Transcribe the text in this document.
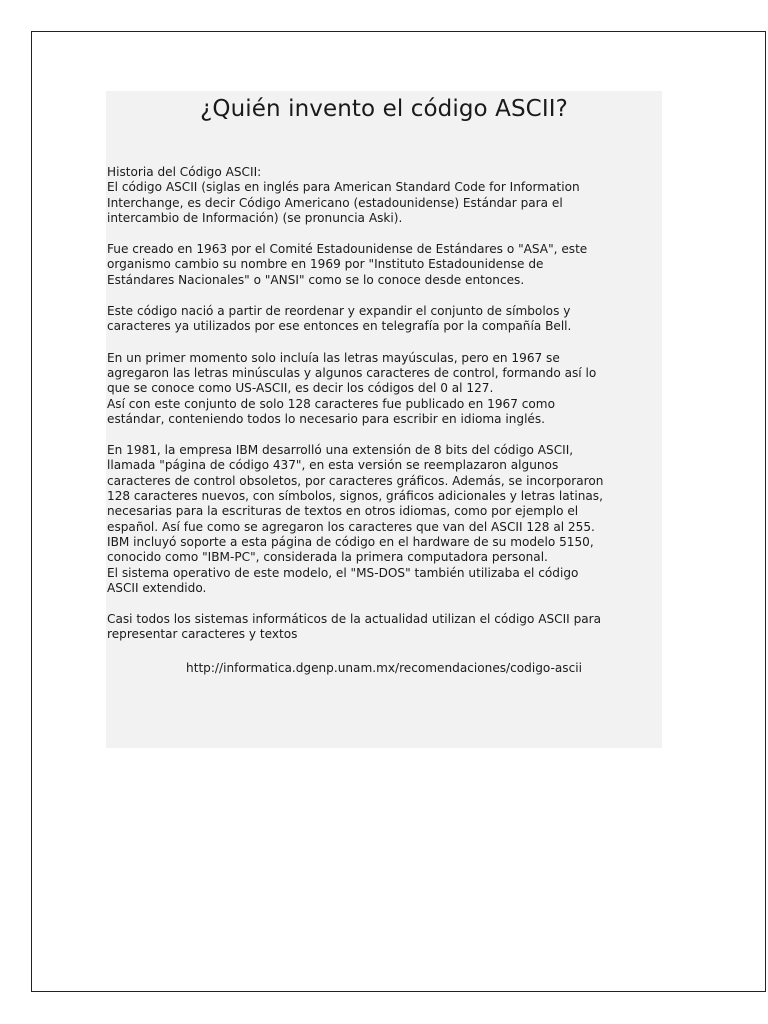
¿Quién invento el código ASCII?
Historia del Código ASCII:
El código ASCII (siglas en inglés para American Standard Code for Information
Interchange, es decir Código Americano (estadounidense) Estándar para el
intercambio de Información) (se pronuncia Aski).
Fue creado en 1963 por el Comité Estadounidense de Estándares o "ASA", este
organismo cambio su nombre en 1969 por "Instituto Estadounidense de
Estándares Nacionales" o "ANSI" como se lo conoce desde entonces.
Este código nació a partir de reordenar y expandir el conjunto de símbolos y
caracteres ya utilizados por ese entonces en telegrafía por la compañía Bell.
En un primer momento solo incluía las letras mayúsculas, pero en 1967 se
agregaron las letras minúsculas y algunos caracteres de control, formando así lo
que se conoce como US-ASCII, es decir los códigos del 0 al 127.
Así con este conjunto de solo 128 caracteres fue publicado en 1967 como
estándar, conteniendo todos lo necesario para escribir en idioma inglés.
En 1981, la empresa IBM desarrolló una extensión de 8 bits del código ASCII,
llamada "página de código 437", en esta versión se reemplazaron algunos
caracteres de control obsoletos, por caracteres gráficos. Además, se incorporaron
128 caracteres nuevos, con símbolos, signos, gráficos adicionales y letras latinas,
necesarias para la escrituras de textos en otros idiomas, como por ejemplo el
español. Así fue como se agregaron los caracteres que van del ASCII 128 al 255.
IBM incluyó soporte a esta página de código en el hardware de su modelo 5150,
conocido como "IBM-PC", considerada la primera computadora personal.
El sistema operativo de este modelo, el "MS-DOS" también utilizaba el código
ASCII extendido.
Casi todos los sistemas informáticos de la actualidad utilizan el código ASCII para
representar caracteres y textos
http://informatica.dgenp.unam.mx/recomendaciones/codigo-ascii
